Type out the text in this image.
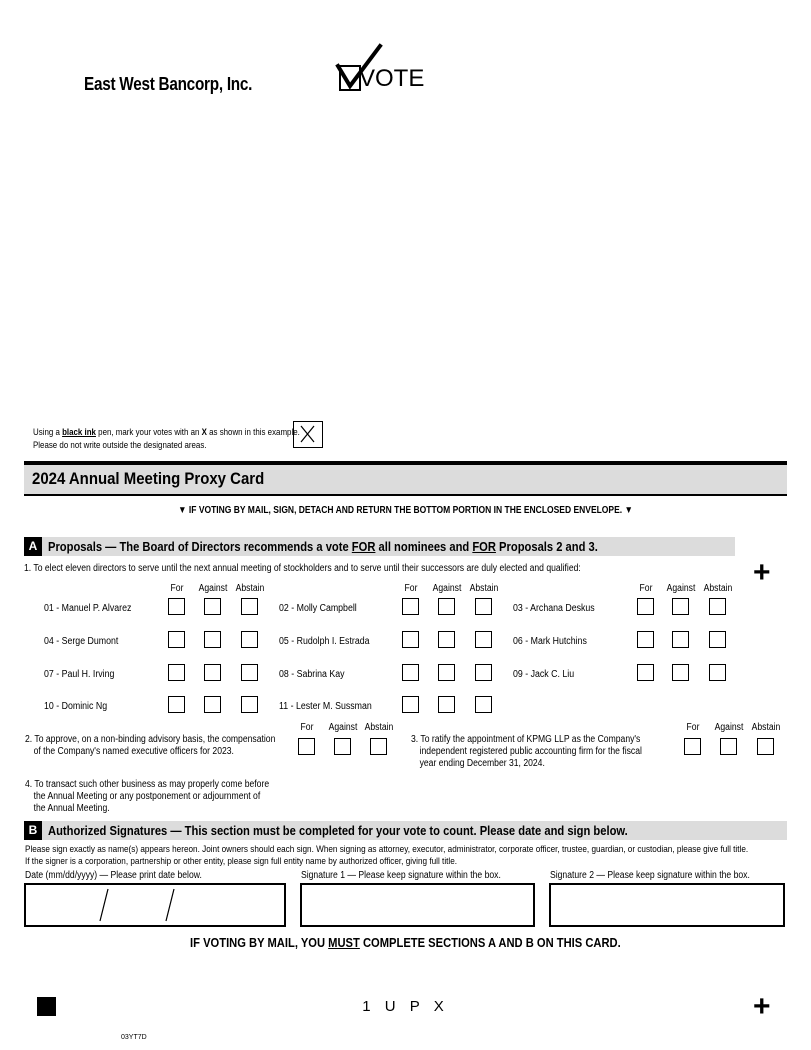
East West Bancorp, Inc.	VOTE
Using a black ink pen, mark your votes with an X as shown in this example.
Please do not write outside the designated areas.
2024 Annual Meeting Proxy Card
▼ IF VOTING BY MAIL, SIGN, DETACH AND RETURN THE BOTTOM PORTION IN THE ENCLOSED ENVELOPE. ▼
A Proposals — The Board of Directors recommends a vote FOR all nominees and FOR Proposals 2 and 3.
+
1. To elect eleven directors to serve until the next annual meeting of stockholders and to serve until their successors are duly elected and qualified:
For	Against Abstain	For	Against Abstain	For	Against Abstain
01 - Manuel P. Alvarez	02 - Molly Campbell	03 - Archana Deskus
04 - Serge Dumont	05 - Rudolph I. Estrada	06 - Mark Hutchins
07 - Paul H. Irving	08 - Sabrina Kay	09 - Jack C. Liu
10 - Dominic Ng	11 - Lester M. Sussman
For	Against Abstain
2. To approve, on a non-binding advisory basis, the compensation
of the Company's named executive officers for 2023.
For	Against Abstain
3. To ratify the appointment of KPMG LLP as the Company's
independent registered public accounting firm for the fiscal
year ending December 31, 2024.
4. To transact such other business as may properly come before
the Annual Meeting or any postponement or adjournment of
the Annual Meeting.
B Authorized Signatures — This section must be completed for your vote to count. Please date and sign below.
Please sign exactly as name(s) appears hereon. Joint owners should each sign. When signing as attorney, executor, administrator, corporate officer, trustee, guardian, or custodian, please give full title.
If the signer is a corporation, partnership or other entity, please sign full entity name by authorized officer, giving full title.
Date (mm/dd/yyyy) — Please print date below.	Signature 1 — Please keep signature within the box.	Signature 2 — Please keep signature within the box.
IF VOTING BY MAIL, YOU MUST COMPLETE SECTIONS A AND B ON THIS CARD.
1 U P X	+
03YT7D
